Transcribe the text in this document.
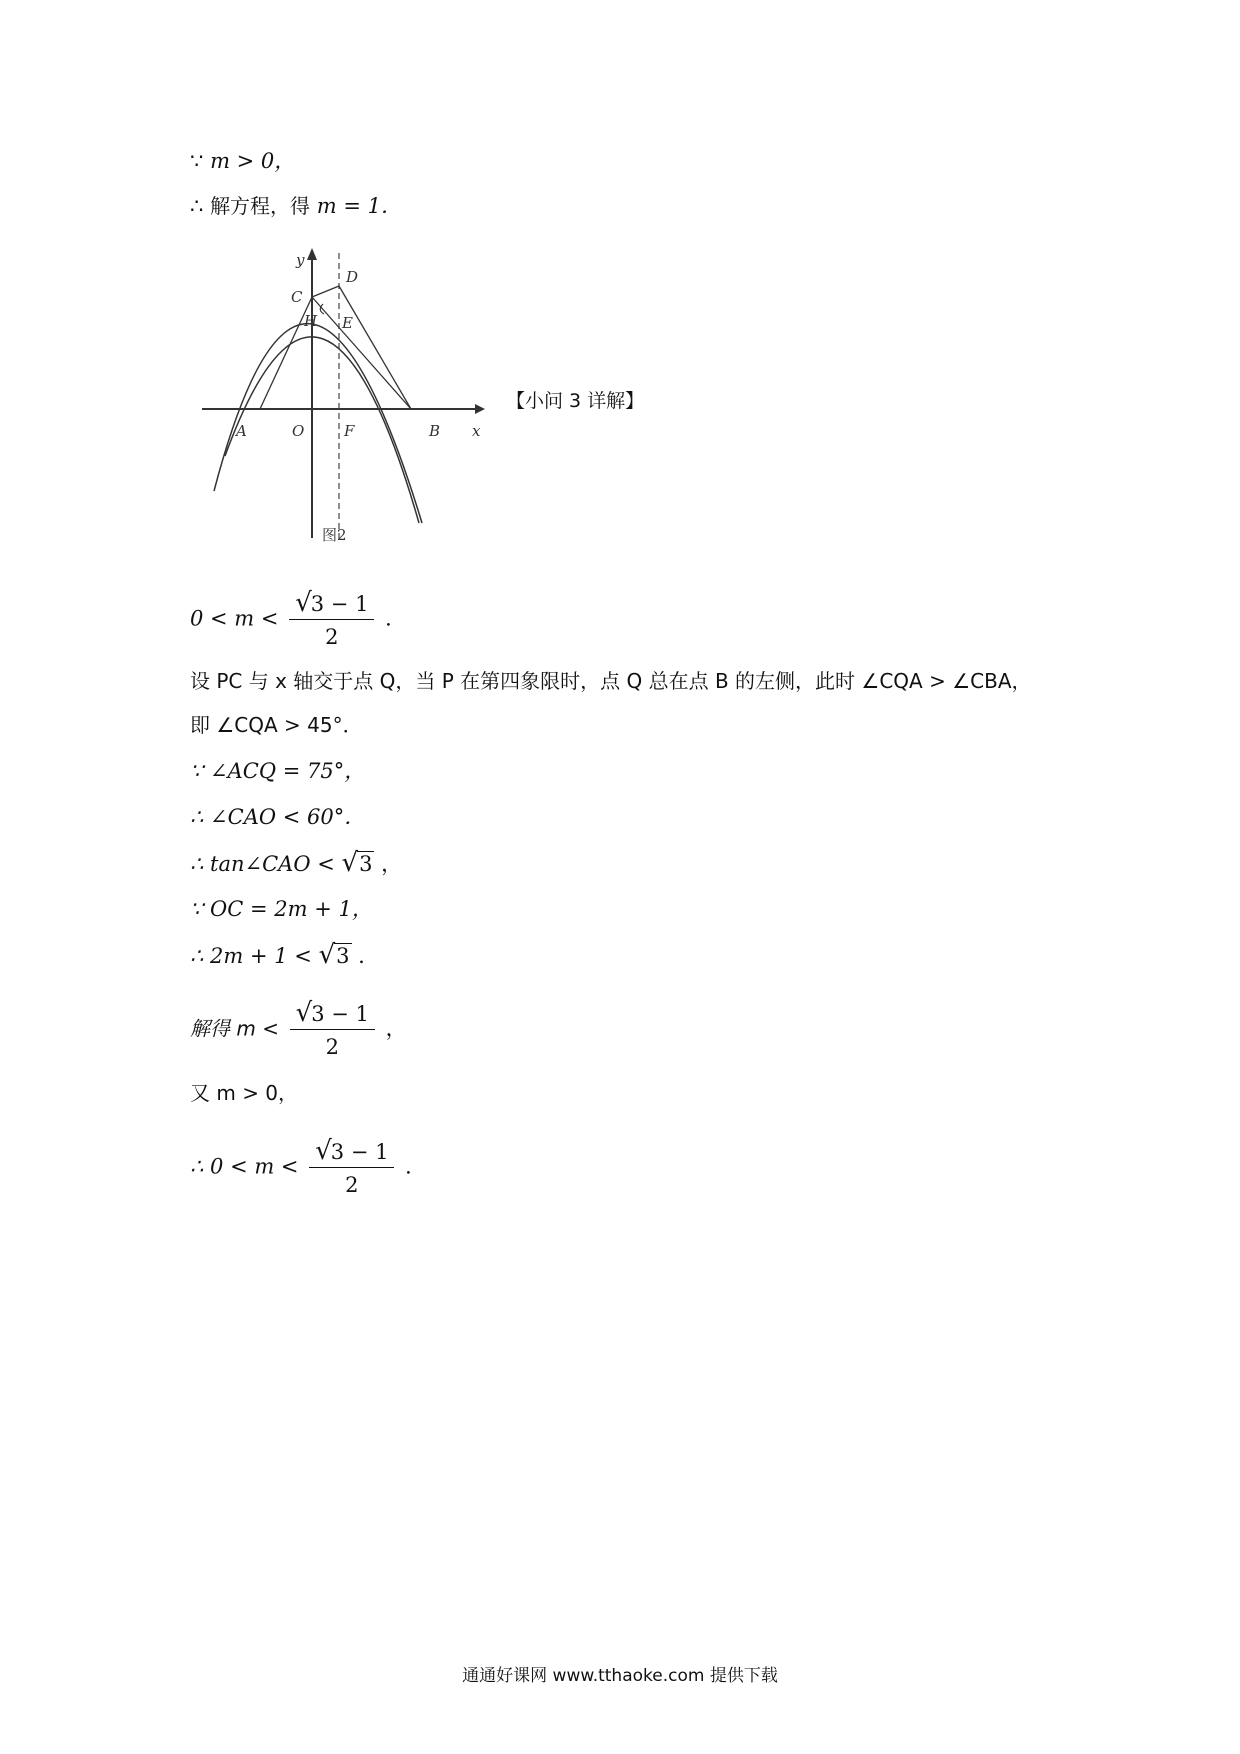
∵ m > 0，
∴ 解方程，得 m = 1．
y
D
C
H E
A	O	F	B x
图2
【小问 3 详解】
$0 < m < \frac{√3 - 1}{2}$ ．
设 PC 与 x 轴交于点 Q，当 P 在第四象限时，点 Q 总在点 B 的左侧，此时 ∠CQA > ∠CBA，
即 ∠CQA > 45°．
∵ ∠ACQ = 75°，
∴ ∠CAO < 60°．
∴ tan∠CAO < √3 ，
∵ OC = 2m + 1，
∴ 2m + 1 < √3 ．
解得 $m < \frac{√3 - 1}{2}$ ，
又 m > 0，
∴ $0 < m < \frac{√3 - 1}{2}$ ．
通通好课网 www.tthaoke.com 提供下载
